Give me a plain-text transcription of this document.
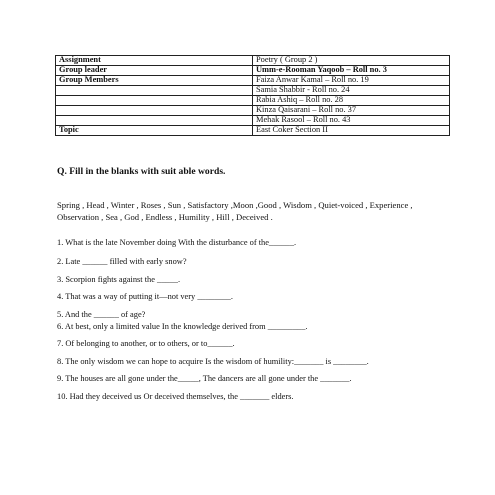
Assignment	Poetry ( Group 2 )
Group leader	Umm-e-Rooman Yaqoob – Roll no. 3
Group Members	Faiza Anwar Kamal – Roll no. 19
	Samia Shabbir - Roll no. 24
	Rabia Ashiq – Roll no. 28
	Kinza Qaisarani – Roll no. 37
	Mehak Rasool – Roll no. 43
Topic	East Coker Section II
Q. Fill in the blanks with suit able words.
Spring , Head , Winter , Roses , Sun , Satisfactory ,Moon ,Good , Wisdom , Quiet-voiced , Experience , Observation , Sea , God , Endless , Humility , Hill , Deceived .
1. What is the late November doing With the disturbance of the______.
2. Late ______ filled with early snow?
3. Scorpion fights against the _____.
4. That was a way of putting it—not very ________.
5. And the ______ of age?
6. At best, only a limited value In the knowledge derived from _________.
7. Of belonging to another, or to others, or to______.
8. The only wisdom we can hope to acquire Is the wisdom of humility:_______ is ________.
9. The houses are all gone under the_____, The dancers are all gone under the _______.
10. Had they deceived us Or deceived themselves, the _______ elders.
